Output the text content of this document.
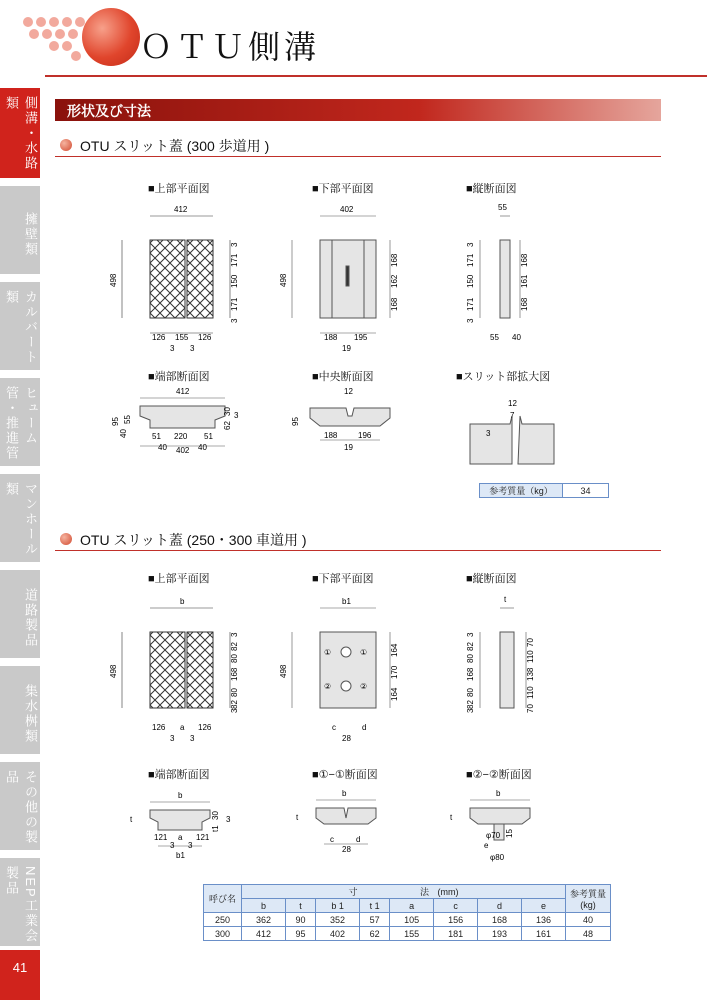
ＯＴＵ側溝
側溝・水路類
擁壁類
カルバート類
ヒューム管・推進管
マンホール類
道路製品
集水桝類
その他の製品
NEP工業会製品
41
形状及び寸法
OTU スリット蓋 (300 歩道用 )
■上部平面図	■下部平面図	■縦断面図
■端部断面図	■中央断面図	■スリット部拡大図
412
498
126 155 126
3 3
3
171
150
171
3
402
498
188 195
19
168
162
168
55
3
171
150
171
3
168
161
168
55 40
412
95
40
55
30
62
3
51 220 51
40 402 40
12
95
188	196
19
12
7
3
参考質量（kg）	34
OTU スリット蓋 (250・300 車道用 )
■上部平面図	■下部平面図	■縦断面図
■端部断面図	■①−①断面図	■②−②断面図
b
498
126 a 126
3 3
3
82
80
168
80
82
3
b1
498
①	①
②	②
c	d
28
164
170
164
t
3
82
80
168
80
82
3
70
110
138
110
70
b
t	30
t1
3
121 a 121
3 3
b1
b
t
c	d
28
b
t
φ70 15
e
φ80
呼び名	寸 法 (mm)								参考質量
(kg)
	b	t	b 1	t 1	a	c	d	e	
250	362	90	352	57	105	156	168	136	40
300	412	95	402	62	155	181	193	161	48
